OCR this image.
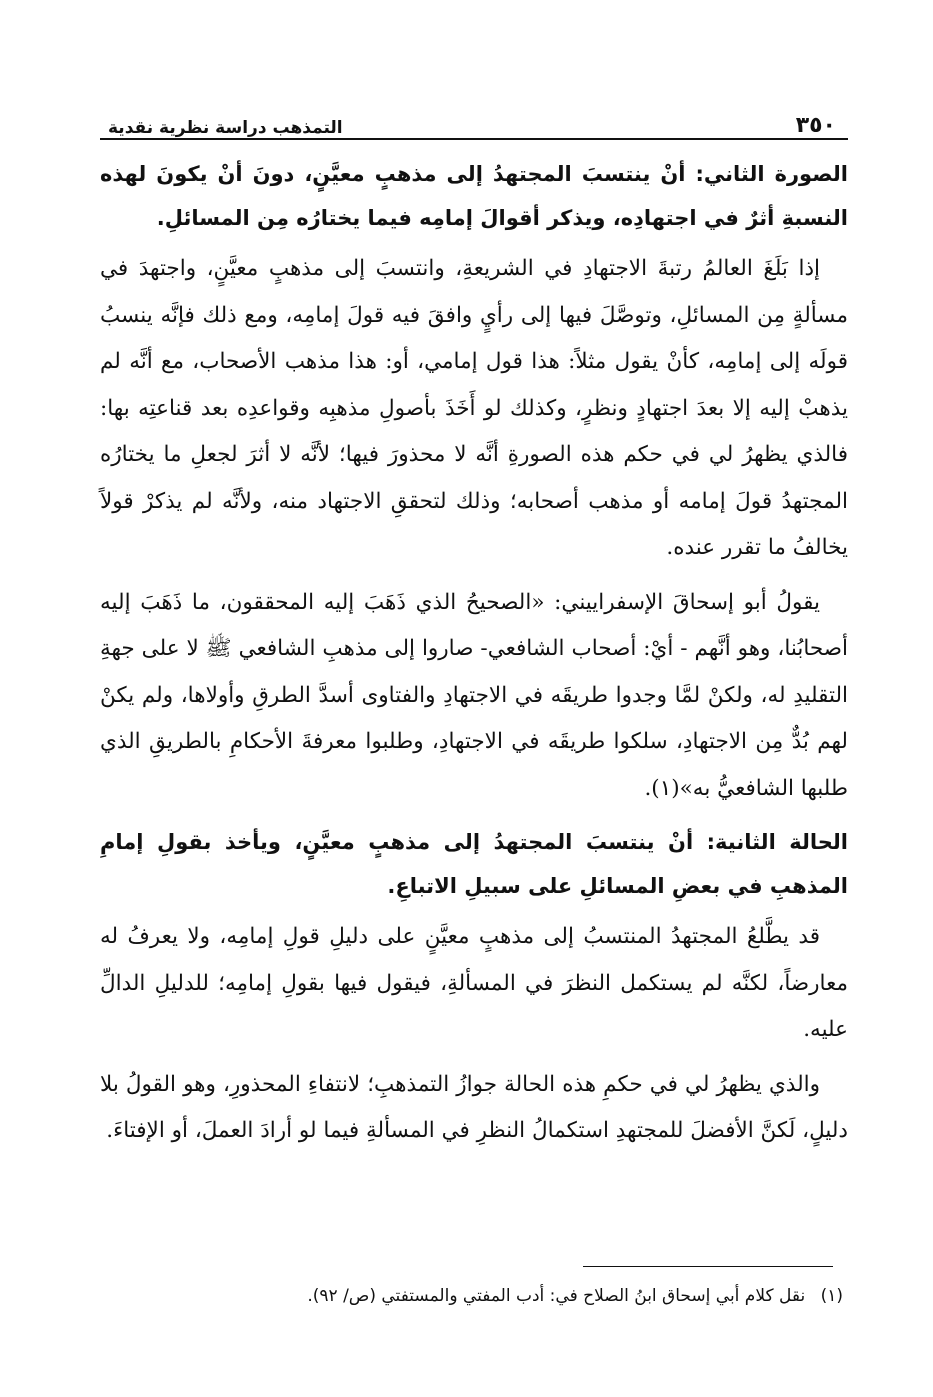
٣٥٠
التمذهب دراسة نظرية نقدية

الصورة الثاني: أنْ ينتسبَ المجتهدُ إلى مذهبٍ معيَّنٍ، دونَ أنْ يكونَ لهذه النسبةِ أثرٌ في اجتهادِه، ويذكر أقوالَ إمامِه فيما يختارُه مِن المسائلِ.

إذا بَلَغَ العالمُ رتبةَ الاجتهادِ في الشريعةِ، وانتسبَ إلى مذهبٍ معيَّنٍ، واجتهدَ في مسألةٍ مِن المسائلِ، وتوصَّلَ فيها إلى رأيٍ وافقَ فيه قولَ إمامِه، ومع ذلك فإنَّه ينسبُ قولَه إلى إمامِه، كأنْ يقول مثلاً: هذا قول إمامي، أو: هذا مذهب الأصحاب، مع أنَّه لم يذهبْ إليه إلا بعدَ اجتهادٍ ونظرٍ، وكذلك لو أَخَذَ بأصولِ مذهبِه وقواعدِه بعد قناعتِه بها: فالذي يظهرُ لي في حكم هذه الصورةِ أنَّه لا محذورَ فيها؛ لأنَّه لا أثرَ لجعلِ ما يختارُه المجتهدُ قولَ إمامه أو مذهب أصحابه؛ وذلك لتحققِ الاجتهاد منه، ولأنَّه لم يذكرْ قولاً يخالفُ ما تقرر عنده.

يقولُ أبو إسحاقَ الإسفراييني: «الصحيحُ الذي ذَهَبَ إليه المحققون، ما ذَهَبَ إليه أصحابُنا، وهو أنَّهم - أيْ: أصحاب الشافعي- صاروا إلى مذهبِ الشافعي ﷺ لا على جهةِ التقليدِ له، ولكنْ لمَّا وجدوا طريقَه في الاجتهادِ والفتاوى أسدَّ الطرقِ وأولاها، ولم يكنْ لهم بُدٌّ مِن الاجتهادِ، سلكوا طريقَه في الاجتهادِ، وطلبوا معرفةَ الأحكامِ بالطريقِ الذي طلبها الشافعيُّ به»(١).

الحالة الثانية: أنْ ينتسبَ المجتهدُ إلى مذهبٍ معيَّنٍ، ويأخذ بقولِ إمامِ المذهبِ في بعضِ المسائلِ على سبيلِ الاتباعِ.

قد يطَّلعُ المجتهدُ المنتسبُ إلى مذهبٍ معيَّنٍ على دليلِ قولِ إمامِه، ولا يعرفُ له معارضاً، لكنَّه لم يستكمل النظرَ في المسألةِ، فيقول فيها بقولِ إمامِه؛ للدليلِ الدالِّ عليه.

والذي يظهرُ لي في حكمِ هذه الحالة جوازُ التمذهبِ؛ لانتفاءِ المحذورِ، وهو القولُ بلا دليلٍ، لَكنَّ الأفضلَ للمجتهدِ استكمالُ النظرِ في المسألةِ فيما لو أرادَ العملَ، أو الإفتاءَ.

(١) نقل كلام أبي إسحاق ابنُ الصلاح في: أدب المفتي والمستفتي (ص/ ٩٢).
